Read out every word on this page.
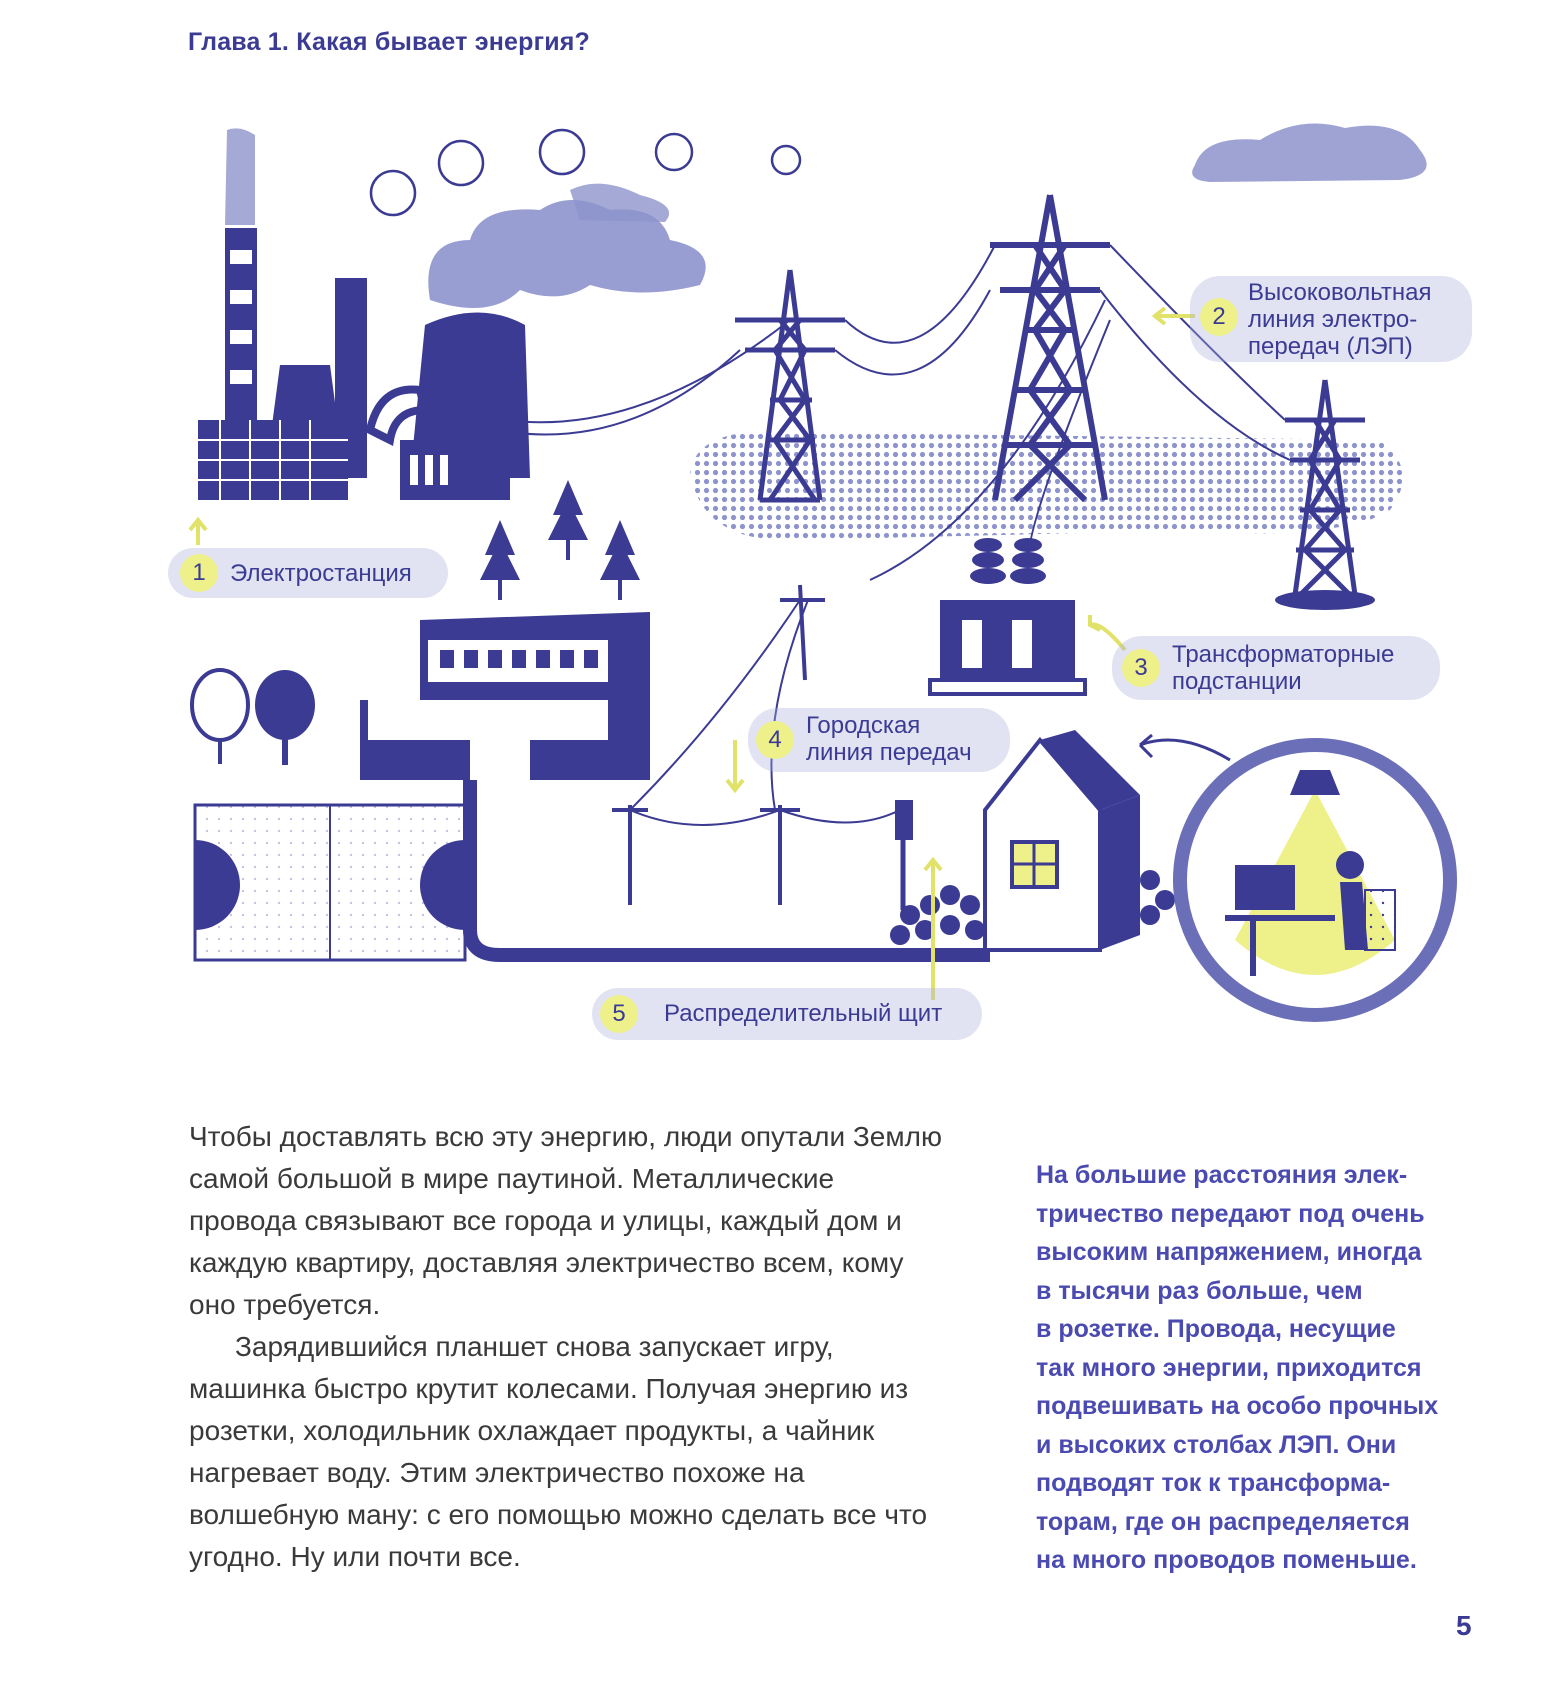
Глава 1. Какая бывает энергия?
1	Электростанция
2
Высоковольтная
линия электро-
передач (ЛЭП)
3	Трансформаторные
подстанции
4
Городская
линия передач
5	Распределительный щит

Чтобы доставлять всю эту энергию, люди опутали Землю самой большой в мире паутиной. Металлические провода связывают все города и улицы, каждый дом и каждую квартиру, доставляя электричество всем, кому оно требуется.

Зарядившийся планшет снова запускает игру, машинка быстро крутит колесами. Получая энергию из розетки, холодильник охлаждает продукты, а чайник нагревает воду. Этим электричество похоже на волшебную ману: с его помощью можно сделать все что угодно. Ну или почти все.

На большие расстояния элек-
тричество передают под очень
высоким напряжением, иногда
в тысячи раз больше, чем
в розетке. Провода, несущие
так много энергии, приходится
подвешивать на особо прочных
и высоких столбах ЛЭП. Они
подводят ток к трансформа-
торам, где он распределяется
на много проводов поменьше.
5
